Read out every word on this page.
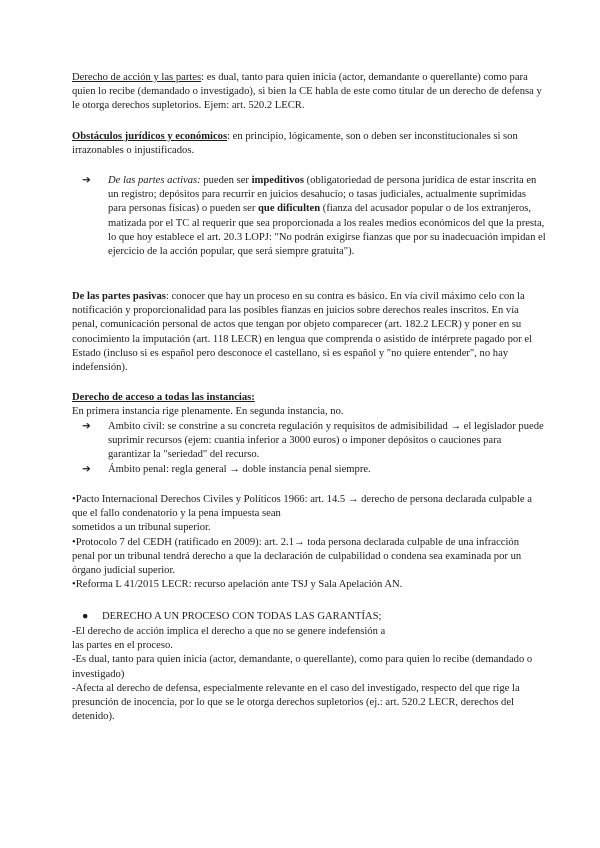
Derecho de acción y las partes: es dual, tanto para quien inicia (actor, demandante o querellante) como para quien lo recibe (demandado o investigado), si bien la CE habla de este como titular de un derecho de defensa y le otorga derechos supletorios. Ejem: art. 520.2 LECR.

Obstáculos jurídicos y económicos: en principio, lógicamente, son o deben ser inconstitucionales si son irrazonables o injustificados.

➔ De las partes activas: pueden ser impeditivos (obligatoriedad de persona jurídica de estar inscrita en un registro; depósitos para recurrir en juicios desahucio; o tasas judiciales, actualmente suprimidas para personas físicas) o pueden ser que dificulten (fianza del acusador popular o de los extranjeros, matizada por el TC al requerir que sea proporcionada a los reales medios económicos del que la presta, lo que hoy establece el art. 20.3 LOPJ: "No podrán exigirse fianzas que por su inadecuación impidan el ejercicio de la acción popular, que será siempre gratuita").

De las partes pasivas: conocer que hay un proceso en su contra es básico. En vía civil máximo celo con la notificación y proporcionalidad para las posibles fianzas en juicios sobre derechos reales inscritos. En vía penal, comunicación personal de actos que tengan por objeto comparecer (art. 182.2 LECR) y poner en su conocimiento la imputación (art. 118 LECR) en lengua que comprenda o asistido de intérprete pagado por el Estado (incluso si es español pero desconoce el castellano, si es español y "no quiere entender", no hay indefensión).

Derecho de acceso a todas las instancias:
En primera instancia rige plenamente. En segunda instancia, no.

➔ Ambito civil: se constrine a su concreta regulación y requisitos de admisibilidad → el legislador puede suprimir recursos (ejem: cuantia inferior a 3000 euros) o imponer depósitos o cauciones para garantizar la "seriedad" del recurso.
➔ Ámbito penal: regla general → doble instancia penal siempre.

•Pacto Internacional Derechos Civiles y Políticos 1966: art. 14.5 → derecho de persona declarada culpable a que el fallo condenatorio y la pena impuesta sean
sometidos a un tribunal superior.
•Protocolo 7 del CEDH (ratificado en 2009): art. 2.1→ toda persona declarada culpable de una infracción penal por un tribunal tendrá derecho a que la declaración de culpabilidad o condena sea examinada por un órgano judicial superior.
•Reforma L 41/2015 LECR: recurso apelación ante TSJ y Sala Apelación AN.

● DERECHO A UN PROCESO CON TODAS LAS GARANTÍAS;

-El derecho de acción implica el derecho a que no se genere indefensión a
las partes en el proceso.
-Es dual, tanto para quien inicia (actor, demandante, o querellante), como para quien lo recibe (demandado o investigado)
-Afecta al derecho de defensa, especialmente relevante en el caso del investigado, respecto del que rige la presunción de inocencia, por lo que se le otorga derechos supletorios (ej.: art. 520.2 LECR, derechos del detenido).
